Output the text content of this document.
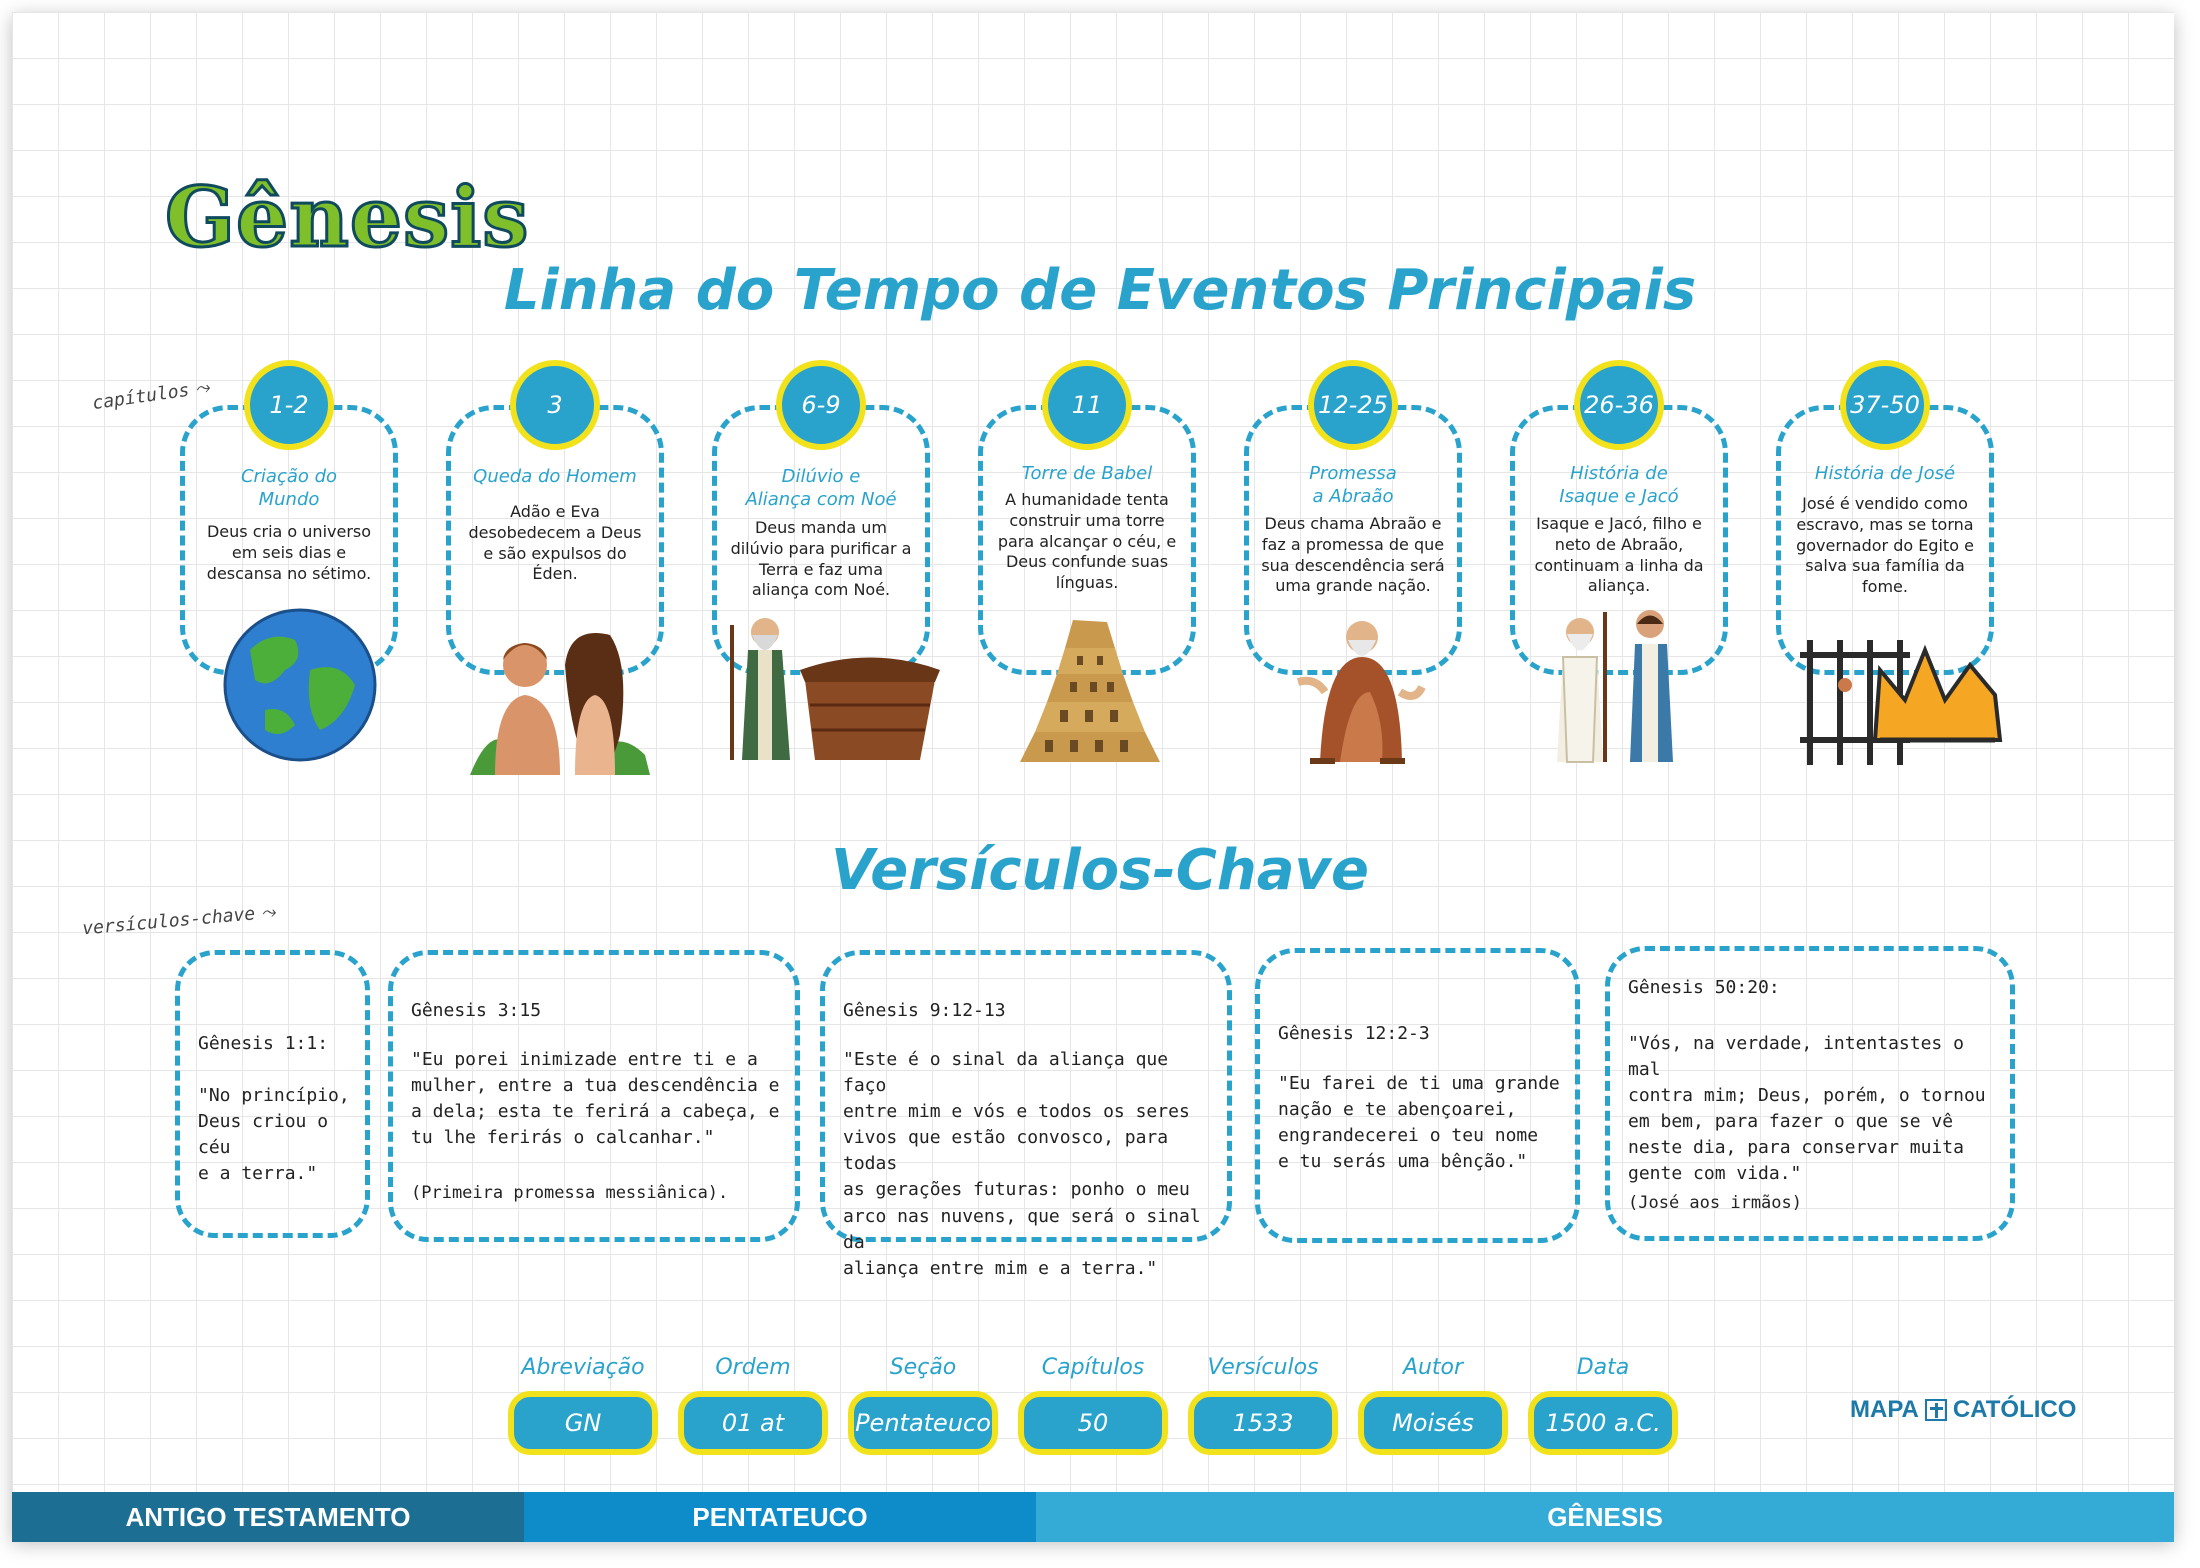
Gênesis
Linha do Tempo de Eventos Principais
capítulos ⤳
1-2
Criação do
Mundo
Deus cria o universo em seis dias e descansa no sétimo.
3
Queda do Homem
Adão e Eva desobedecem a Deus e são expulsos do Éden.
6-9
Dilúvio e
Aliança com Noé
Deus manda um dilúvio para purificar a Terra e faz uma aliança com Noé.
11
Torre de Babel
A humanidade tenta construir uma torre para alcançar o céu, e Deus confunde suas línguas.
12-25
Promessa
a Abraão
Deus chama Abraão e faz a promessa de que sua descendência será uma grande nação.
26-36
História de
Isaque e Jacó
Isaque e Jacó, filho e neto de Abraão, continuam a linha da aliança.
37-50
História de José
José é vendido como escravo, mas se torna governador do Egito e salva sua família da fome.
Versículos-Chave
versículos-chave ⤳
Gênesis 1:1:
"No princípio,
Deus criou o céu
e a terra."
Gênesis 3:15
"Eu porei inimizade entre ti e a
mulher, entre a tua descendência e
a dela; esta te ferirá a cabeça, e
tu lhe ferirás o calcanhar."
(Primeira promessa messiânica).
Gênesis 9:12-13
"Este é o sinal da aliança que faço
entre mim e vós e todos os seres
vivos que estão convosco, para todas
as gerações futuras: ponho o meu
arco nas nuvens, que será o sinal da
aliança entre mim e a terra."
Gênesis 12:2-3
"Eu farei de ti uma grande
nação e te abençoarei,
engrandecerei o teu nome
e tu serás uma bênção."
Gênesis 50:20:
"Vós, na verdade, intentastes o mal
contra mim; Deus, porém, o tornou
em bem, para fazer o que se vê
neste dia, para conservar muita
gente com vida."
(José aos irmãos)
Abreviação
GN
Ordem
01 at
Seção
Pentateuco
Capítulos
50
Versículos
1533
Autor
Moisés
Data
1500 a.C.	MAPA CATÓLICO
ANTIGO TESTAMENTO	PENTATEUCO	GÊNESIS
